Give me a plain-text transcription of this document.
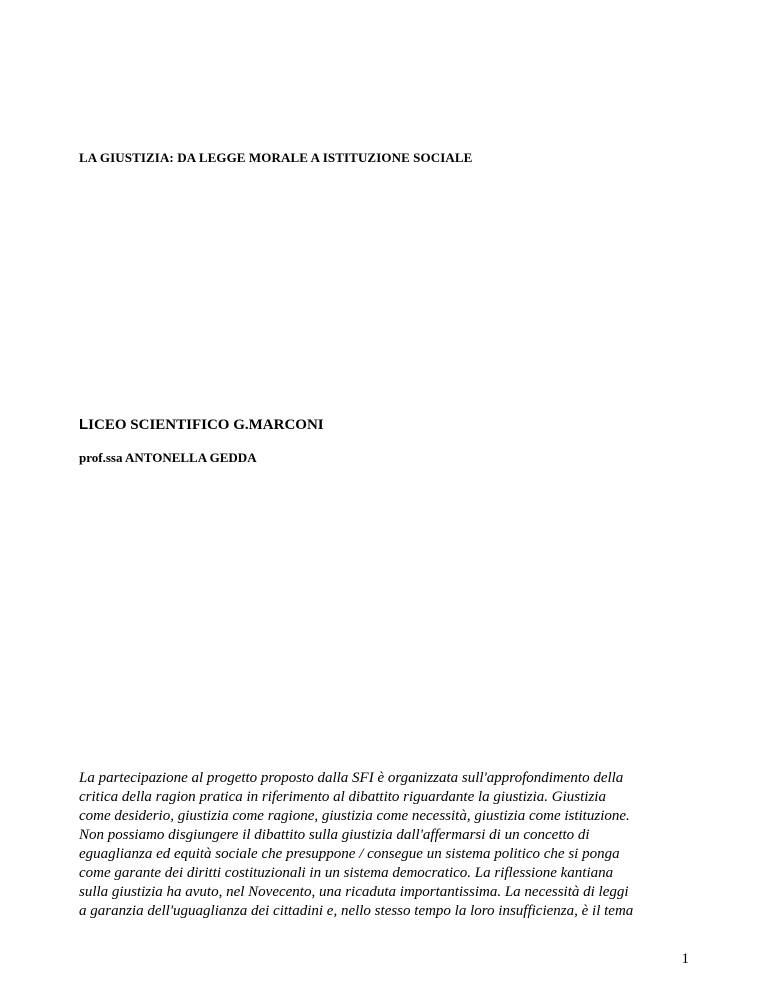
LA GIUSTIZIA: DA LEGGE MORALE A ISTITUZIONE SOCIALE
LICEO SCIENTIFICO G.MARCONI
prof.ssa ANTONELLA GEDDA
La partecipazione al progetto proposto dalla SFI è organizzata sull'approfondimento della
critica della ragion pratica in riferimento al dibattito riguardante la giustizia. Giustizia
come desiderio, giustizia come ragione, giustizia come necessità, giustizia come istituzione.
Non possiamo disgiungere il dibattito sulla giustizia dall'affermarsi di un concetto di
eguaglianza ed equità sociale che presuppone / consegue un sistema politico che si ponga
come garante dei diritti costituzionali in un sistema democratico. La riflessione kantiana
sulla giustizia ha avuto, nel Novecento, una ricaduta importantissima. La necessità di leggi
a garanzia dell'uguaglianza dei cittadini e, nello stesso tempo la loro insufficienza, è il tema
1
